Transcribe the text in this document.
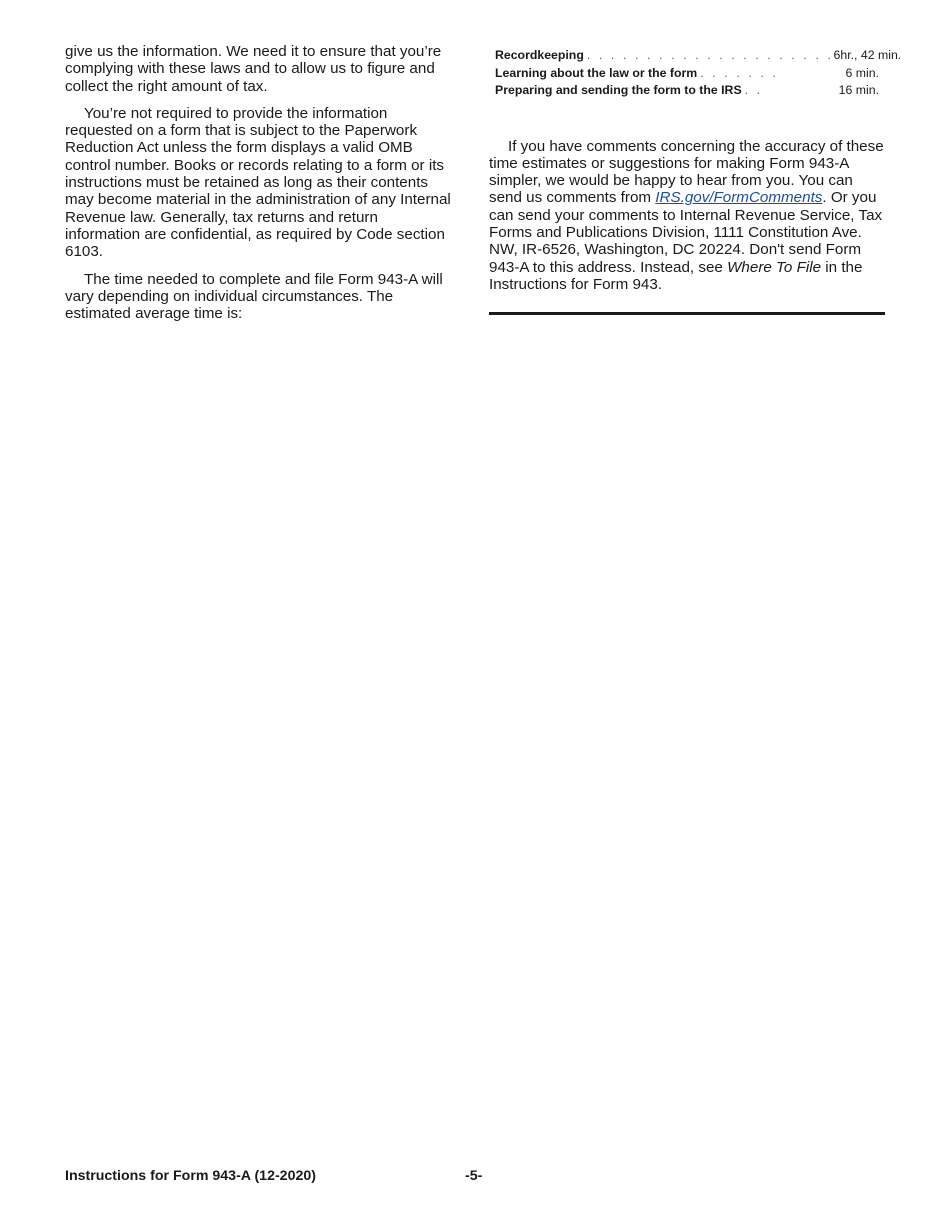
give us the information. We need it to ensure that you’re complying with these laws and to allow us to figure and collect the right amount of tax.

You’re not required to provide the information requested on a form that is subject to the Paperwork Reduction Act unless the form displays a valid OMB control number. Books or records relating to a form or its instructions must be retained as long as their contents may become material in the administration of any Internal Revenue law. Generally, tax returns and return information are confidential, as required by Code section 6103.

The time needed to complete and file Form 943-A will vary depending on individual circumstances. The estimated average time is:

Recordkeeping . . . . . . . . . . . . . . . . . . . . . 6hr., 42 min.
Learning about the law or the form . . . . . . .	6 min.
Preparing and sending the form to the IRS . .	16 min.

If you have comments concerning the accuracy of these time estimates or suggestions for making Form 943-A simpler, we would be happy to hear from you. You can send us comments from IRS.gov/FormComments. Or you can send your comments to Internal Revenue Service, Tax Forms and Publications Division, 1111 Constitution Ave. NW, IR-6526, Washington, DC 20224. Don't send Form 943-A to this address. Instead, see Where To File in the Instructions for Form 943.

Instructions for Form 943-A (12-2020)	-5-
